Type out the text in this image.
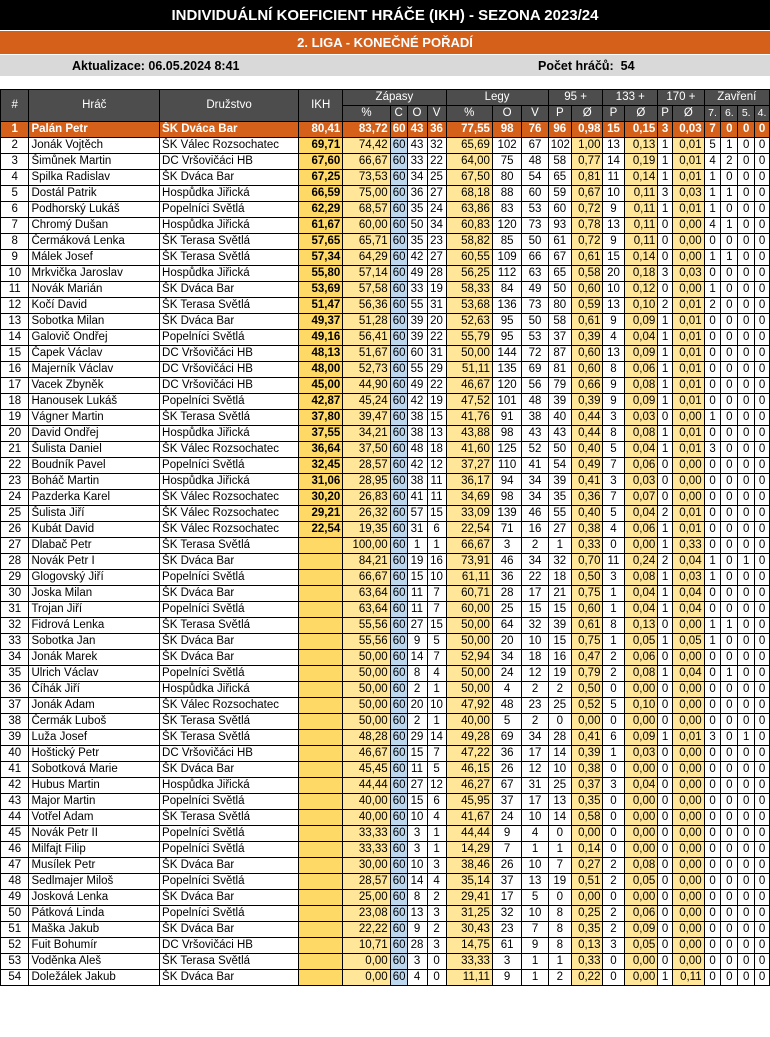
INDIVIDUÁLNÍ KOEFICIENT HRÁČE (IKH) - SEZONA 2023/24
2. LIGA - KONEČNÉ POŘADÍ
Aktualizace: 06.05.2024 8:41	Počet hráčů: 54
#	Hráč	Družstvo	IKH	Zápasy				Legy			95 +		133 +		170 +		Zavření			
				%	C	O	V	%	O	V	P	Ø	P	Ø	P	Ø	7.	6.	5.	4.
1	Palán Petr	ŠK Dváca Bar	80,41	83,72	60	43	36	77,55	98	76	96	0,98	15	0,15	3	0,03	7	0	0	0
2	Jonák Vojtěch	ŠK Válec Rozsochatec	69,71	74,42	60	43	32	65,69	102	67	102	1,00	13	0,13	1	0,01	5	1	0	0
3	Šimůnek Martin	DC Vršovičáci HB	67,60	66,67	60	33	22	64,00	75	48	58	0,77	14	0,19	1	0,01	4	2	0	0
4	Spilka Radislav	ŠK Dváca Bar	67,25	73,53	60	34	25	67,50	80	54	65	0,81	11	0,14	1	0,01	1	0	0	0
5	Dostál Patrik	Hospůdka Jiřická	66,59	75,00	60	36	27	68,18	88	60	59	0,67	10	0,11	3	0,03	1	1	0	0
6	Podhorský Lukáš	Popelníci Světlá	62,29	68,57	60	35	24	63,86	83	53	60	0,72	9	0,11	1	0,01	1	0	0	0
7	Chromý Dušan	Hospůdka Jiřická	61,67	60,00	60	50	34	60,83	120	73	93	0,78	13	0,11	0	0,00	4	1	0	0
8	Čermáková Lenka	ŠK Terasa Světlá	57,65	65,71	60	35	23	58,82	85	50	61	0,72	9	0,11	0	0,00	0	0	0	0
9	Málek Josef	ŠK Terasa Světlá	57,34	64,29	60	42	27	60,55	109	66	67	0,61	15	0,14	0	0,00	1	1	0	0
10	Mrkvička Jaroslav	Hospůdka Jiřická	55,80	57,14	60	49	28	56,25	112	63	65	0,58	20	0,18	3	0,03	0	0	0	0
11	Novák Marián	ŠK Dváca Bar	53,69	57,58	60	33	19	58,33	84	49	50	0,60	10	0,12	0	0,00	1	0	0	0
12	Kočí David	ŠK Terasa Světlá	51,47	56,36	60	55	31	53,68	136	73	80	0,59	13	0,10	2	0,01	2	0	0	0
13	Sobotka Milan	ŠK Dváca Bar	49,37	51,28	60	39	20	52,63	95	50	58	0,61	9	0,09	1	0,01	0	0	0	0
14	Galovič Ondřej	Popelníci Světlá	49,16	56,41	60	39	22	55,79	95	53	37	0,39	4	0,04	1	0,01	0	0	0	0
15	Čapek Václav	DC Vršovičáci HB	48,13	51,67	60	60	31	50,00	144	72	87	0,60	13	0,09	1	0,01	0	0	0	0
16	Majerník Václav	DC Vršovičáci HB	48,00	52,73	60	55	29	51,11	135	69	81	0,60	8	0,06	1	0,01	0	0	0	0
17	Vacek Zbyněk	DC Vršovičáci HB	45,00	44,90	60	49	22	46,67	120	56	79	0,66	9	0,08	1	0,01	0	0	0	0
18	Hanousek Lukáš	Popelníci Světlá	42,87	45,24	60	42	19	47,52	101	48	39	0,39	9	0,09	1	0,01	0	0	0	0
19	Vágner Martin	ŠK Terasa Světlá	37,80	39,47	60	38	15	41,76	91	38	40	0,44	3	0,03	0	0,00	1	0	0	0
20	David Ondřej	Hospůdka Jiřická	37,55	34,21	60	38	13	43,88	98	43	43	0,44	8	0,08	1	0,01	0	0	0	0
21	Šulista Daniel	ŠK Válec Rozsochatec	36,64	37,50	60	48	18	41,60	125	52	50	0,40	5	0,04	1	0,01	3	0	0	0
22	Boudník Pavel	Popelníci Světlá	32,45	28,57	60	42	12	37,27	110	41	54	0,49	7	0,06	0	0,00	0	0	0	0
23	Boháč Martin	Hospůdka Jiřická	31,06	28,95	60	38	11	36,17	94	34	39	0,41	3	0,03	0	0,00	0	0	0	0
24	Pazderka Karel	ŠK Válec Rozsochatec	30,20	26,83	60	41	11	34,69	98	34	35	0,36	7	0,07	0	0,00	0	0	0	0
25	Šulista Jiří	ŠK Válec Rozsochatec	29,21	26,32	60	57	15	33,09	139	46	55	0,40	5	0,04	2	0,01	0	0	0	0
26	Kubát David	ŠK Válec Rozsochatec	22,54	19,35	60	31	6	22,54	71	16	27	0,38	4	0,06	1	0,01	0	0	0	0
27	Dlabač Petr	ŠK Terasa Světlá		100,00	60	1	1	66,67	3	2	1	0,33	0	0,00	1	0,33	0	0	0	0
28	Novák Petr I	ŠK Dváca Bar		84,21	60	19	16	73,91	46	34	32	0,70	11	0,24	2	0,04	1	0	1	0
29	Glogovský Jiří	Popelníci Světlá		66,67	60	15	10	61,11	36	22	18	0,50	3	0,08	1	0,03	1	0	0	0
30	Joska Milan	ŠK Dváca Bar		63,64	60	11	7	60,71	28	17	21	0,75	1	0,04	1	0,04	0	0	0	0
31	Trojan Jiří	Popelníci Světlá		63,64	60	11	7	60,00	25	15	15	0,60	1	0,04	1	0,04	0	0	0	0
32	Fidrová Lenka	ŠK Terasa Světlá		55,56	60	27	15	50,00	64	32	39	0,61	8	0,13	0	0,00	1	1	0	0
33	Sobotka Jan	ŠK Dváca Bar		55,56	60	9	5	50,00	20	10	15	0,75	1	0,05	1	0,05	1	0	0	0
34	Jonák Marek	ŠK Dváca Bar		50,00	60	14	7	52,94	34	18	16	0,47	2	0,06	0	0,00	0	0	0	0
35	Ulrich Václav	Popelníci Světlá		50,00	60	8	4	50,00	24	12	19	0,79	2	0,08	1	0,04	0	1	0	0
36	Číhák Jiří	Hospůdka Jiřická		50,00	60	2	1	50,00	4	2	2	0,50	0	0,00	0	0,00	0	0	0	0
37	Jonák Adam	ŠK Válec Rozsochatec		50,00	60	20	10	47,92	48	23	25	0,52	5	0,10	0	0,00	0	0	0	0
38	Čermák Luboš	ŠK Terasa Světlá		50,00	60	2	1	40,00	5	2	0	0,00	0	0,00	0	0,00	0	0	0	0
39	Luža Josef	ŠK Terasa Světlá		48,28	60	29	14	49,28	69	34	28	0,41	6	0,09	1	0,01	3	0	1	0
40	Hoštický Petr	DC Vršovičáci HB		46,67	60	15	7	47,22	36	17	14	0,39	1	0,03	0	0,00	0	0	0	0
41	Sobotková Marie	ŠK Dváca Bar		45,45	60	11	5	46,15	26	12	10	0,38	0	0,00	0	0,00	0	0	0	0
42	Hubus Martin	Hospůdka Jiřická		44,44	60	27	12	46,27	67	31	25	0,37	3	0,04	0	0,00	0	0	0	0
43	Major Martin	Popelníci Světlá		40,00	60	15	6	45,95	37	17	13	0,35	0	0,00	0	0,00	0	0	0	0
44	Votřel Adam	ŠK Terasa Světlá		40,00	60	10	4	41,67	24	10	14	0,58	0	0,00	0	0,00	0	0	0	0
45	Novák Petr II	Popelníci Světlá		33,33	60	3	1	44,44	9	4	0	0,00	0	0,00	0	0,00	0	0	0	0
46	Milfajt Filip	Popelníci Světlá		33,33	60	3	1	14,29	7	1	1	0,14	0	0,00	0	0,00	0	0	0	0
47	Musílek Petr	ŠK Dváca Bar		30,00	60	10	3	38,46	26	10	7	0,27	2	0,08	0	0,00	0	0	0	0
48	Sedlmajer Miloš	Popelníci Světlá		28,57	60	14	4	35,14	37	13	19	0,51	2	0,05	0	0,00	0	0	0	0
49	Josková Lenka	ŠK Dváca Bar		25,00	60	8	2	29,41	17	5	0	0,00	0	0,00	0	0,00	0	0	0	0
50	Pátková Linda	Popelníci Světlá		23,08	60	13	3	31,25	32	10	8	0,25	2	0,06	0	0,00	0	0	0	0
51	Maška Jakub	ŠK Dváca Bar		22,22	60	9	2	30,43	23	7	8	0,35	2	0,09	0	0,00	0	0	0	0
52	Fuit Bohumír	DC Vršovičáci HB		10,71	60	28	3	14,75	61	9	8	0,13	3	0,05	0	0,00	0	0	0	0
53	Voděnka Aleš	ŠK Terasa Světlá		0,00	60	3	0	33,33	3	1	1	0,33	0	0,00	0	0,00	0	0	0	0
54	Doležálek Jakub	ŠK Dváca Bar		0,00	60	4	0	11,11	9	1	2	0,22	0	0,00	1	0,11	0	0	0	0
